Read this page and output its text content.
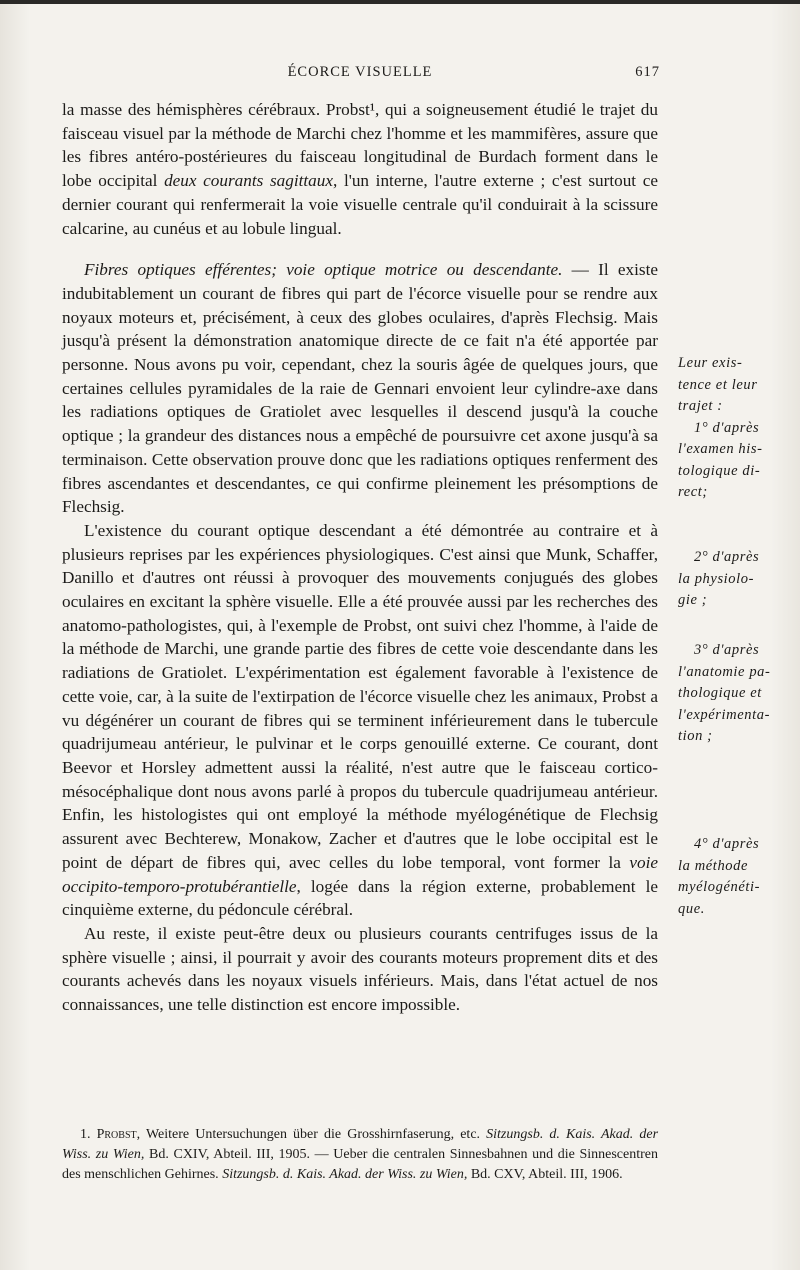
ÉCORCE VISUELLE	617

la masse des hémisphères cérébraux. Probst¹, qui a soigneusement étudié le trajet du faisceau visuel par la méthode de Marchi chez l'homme et les mammifères, assure que les fibres antéro-postérieures du faisceau longitudinal de Burdach forment dans le lobe occipital deux courants sagittaux, l'un interne, l'autre externe ; c'est surtout ce dernier courant qui renfermerait la voie visuelle centrale qu'il conduirait à la scissure calcarine, au cunéus et au lobule lingual.

Fibres optiques efférentes; voie optique motrice ou descendante. — Il existe indubitablement un courant de fibres qui part de l'écorce visuelle pour se rendre aux noyaux moteurs et, précisément, à ceux des globes oculaires, d'après Flechsig. Mais jusqu'à présent la démonstration anatomique directe de ce fait n'a été apportée par personne. Nous avons pu voir, cependant, chez la souris âgée de quelques jours, que certaines cellules pyramidales de la raie de Gennari envoient leur cylindre-axe dans les radiations optiques de Gratiolet avec lesquelles il descend jusqu'à la couche optique ; la grandeur des distances nous a empêché de poursuivre cet axone jusqu'à sa terminaison. Cette observation prouve donc que les radiations optiques renferment des fibres ascendantes et descendantes, ce qui confirme pleinement les présomptions de Flechsig.

L'existence du courant optique descendant a été démontrée au contraire et à plusieurs reprises par les expériences physiologiques. C'est ainsi que Munk, Schaffer, Danillo et d'autres ont réussi à provoquer des mouvements conjugués des globes oculaires en excitant la sphère visuelle. Elle a été prouvée aussi par les recherches des anatomo-pathologistes, qui, à l'exemple de Probst, ont suivi chez l'homme, à l'aide de la méthode de Marchi, une grande partie des fibres de cette voie descendante dans les radiations de Gratiolet. L'expérimentation est également favorable à l'existence de cette voie, car, à la suite de l'extirpation de l'écorce visuelle chez les animaux, Probst a vu dégénérer un courant de fibres qui se terminent inférieurement dans le tubercule quadrijumeau antérieur, le pulvinar et le corps genouillé externe. Ce courant, dont Beevor et Horsley admettent aussi la réalité, n'est autre que le faisceau cortico-mésocéphalique dont nous avons parlé à propos du tubercule quadrijumeau antérieur. Enfin, les histologistes qui ont employé la méthode myélogénétique de Flechsig assurent avec Bechterew, Monakow, Zacher et d'autres que le lobe occipital est le point de départ de fibres qui, avec celles du lobe temporal, vont former la voie occipito-temporo-protubérantielle, logée dans la région externe, probablement le cinquième externe, du pédoncule cérébral.

Au reste, il existe peut-être deux ou plusieurs courants centrifuges issus de la sphère visuelle ; ainsi, il pourrait y avoir des courants moteurs proprement dits et des courants achevés dans les noyaux visuels inférieurs. Mais, dans l'état actuel de nos connaissances, une telle distinction est encore impossible.

1. Probst, Weitere Untersuchungen über die Grosshirnfaserung, etc. Sitzungsb. d. Kais. Akad. der Wiss. zu Wien, Bd. CXIV, Abteil. III, 1905. — Ueber die centralen Sinnesbahnen und die Sinnescentren des menschlichen Gehirnes. Sitzungsb. d. Kais. Akad. der Wiss. zu Wien, Bd. CXV, Abteil. III, 1906.

Leur exis-
tence et leur
trajet :
1° d'après
l'examen his-
tologique di-
rect;
2° d'après
la physiolo-
gie ;
3° d'après
l'anatomie pa-
thologique et
l'expérimenta-
tion ;
4° d'après
la méthode
myélogénéti-
que.
